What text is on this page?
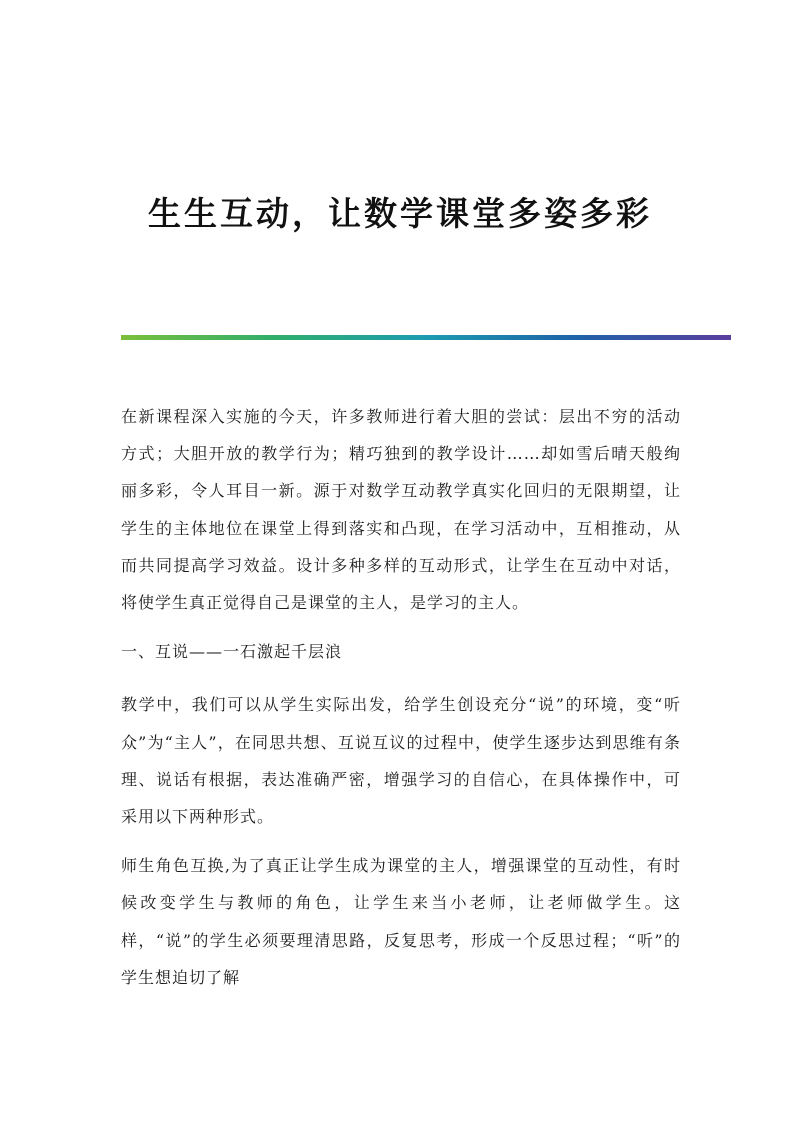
生生互动，让数学课堂多姿多彩

在新课程深入实施的今天，许多教师进行着大胆的尝试：层出不穷的活动方式；大胆开放的教学行为；精巧独到的教学设计……却如雪后晴天般绚丽多彩，令人耳目一新。源于对数学互动教学真实化回归的无限期望，让学生的主体地位在课堂上得到落实和凸现，在学习活动中，互相推动，从而共同提高学习效益。设计多种多样的互动形式，让学生在互动中对话，将使学生真正觉得自己是课堂的主人，是学习的主人。

一、互说——一石激起千层浪

教学中，我们可以从学生实际出发，给学生创设充分“说”的环境，变“听众”为“主人”，在同思共想、互说互议的过程中，使学生逐步达到思维有条理、说话有根据，表达准确严密，增强学习的自信心，在具体操作中，可采用以下两种形式。

师生角色互换,为了真正让学生成为课堂的主人，增强课堂的互动性，有时候改变学生与教师的角色，让学生来当小老师，让老师做学生。这样，“说”的学生必须要理清思路，反复思考，形成一个反思过程；“听”的学生想迫切了解
